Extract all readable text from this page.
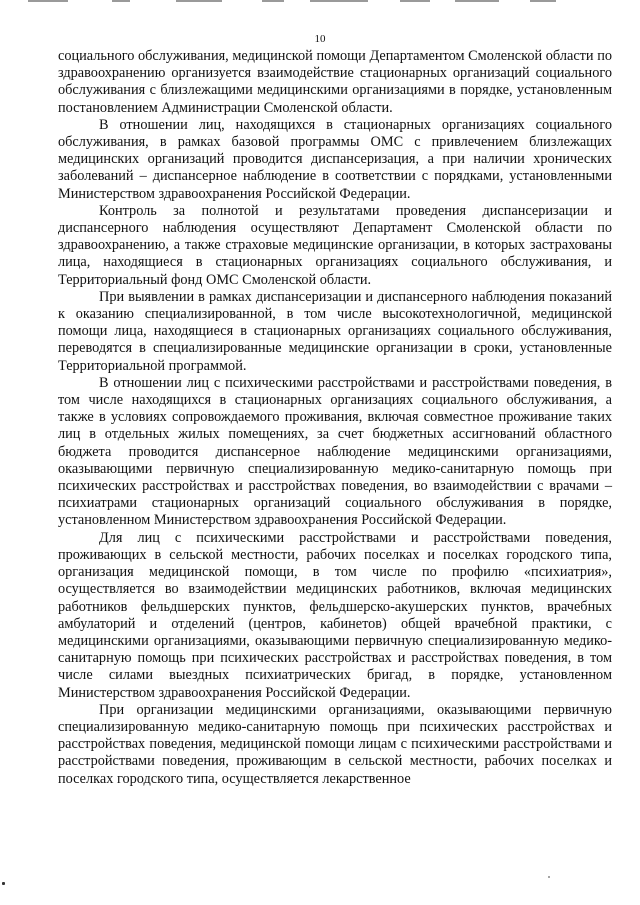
10

социального обслуживания, медицинской помощи Департаментом Смоленской области по здравоохранению организуется взаимодействие стационарных организаций социального обслуживания с близлежащими медицинскими организациями в порядке, установленным постановлением Администрации Смоленской области.

В отношении лиц, находящихся в стационарных организациях социального обслуживания, в рамках базовой программы ОМС с привлечением близлежащих медицинских организаций проводится диспансеризация, а при наличии хронических заболеваний – диспансерное наблюдение в соответствии с порядками, установленными Министерством здравоохранения Российской Федерации.

Контроль за полнотой и результатами проведения диспансеризации и диспансерного наблюдения осуществляют Департамент Смоленской области по здравоохранению, а также страховые медицинские организации, в которых застрахованы лица, находящиеся в стационарных организациях социального обслуживания, и Территориальный фонд ОМС Смоленской области.

При выявлении в рамках диспансеризации и диспансерного наблюдения показаний к оказанию специализированной, в том числе высокотехнологичной, медицинской помощи лица, находящиеся в стационарных организациях социального обслуживания, переводятся в специализированные медицинские организации в сроки, установленные Территориальной программой.

В отношении лиц с психическими расстройствами и расстройствами поведения, в том числе находящихся в стационарных организациях социального обслуживания, а также в условиях сопровождаемого проживания, включая совместное проживание таких лиц в отдельных жилых помещениях, за счет бюджетных ассигнований областного бюджета проводится диспансерное наблюдение медицинскими организациями, оказывающими первичную специализированную медико-санитарную помощь при психических расстройствах и расстройствах поведения, во взаимодействии с врачами – психиатрами стационарных организаций социального обслуживания в порядке, установленном Министерством здравоохранения Российской Федерации.

Для лиц с психическими расстройствами и расстройствами поведения, проживающих в сельской местности, рабочих поселках и поселках городского типа, организация медицинской помощи, в том числе по профилю «психиатрия», осуществляется во взаимодействии медицинских работников, включая медицинских работников фельдшерских пунктов, фельдшерско-акушерских пунктов, врачебных амбулаторий и отделений (центров, кабинетов) общей врачебной практики, с медицинскими организациями, оказывающими первичную специализированную медико-санитарную помощь при психических расстройствах и расстройствах поведения, в том числе силами выездных психиатрических бригад, в порядке, установленном Министерством здравоохранения Российской Федерации.

При организации медицинскими организациями, оказывающими первичную специализированную медико-санитарную помощь при психических расстройствах и расстройствах поведения, медицинской помощи лицам с психическими расстройствами и расстройствами поведения, проживающим в сельской местности, рабочих поселках и поселках городского типа, осуществляется лекарственное
